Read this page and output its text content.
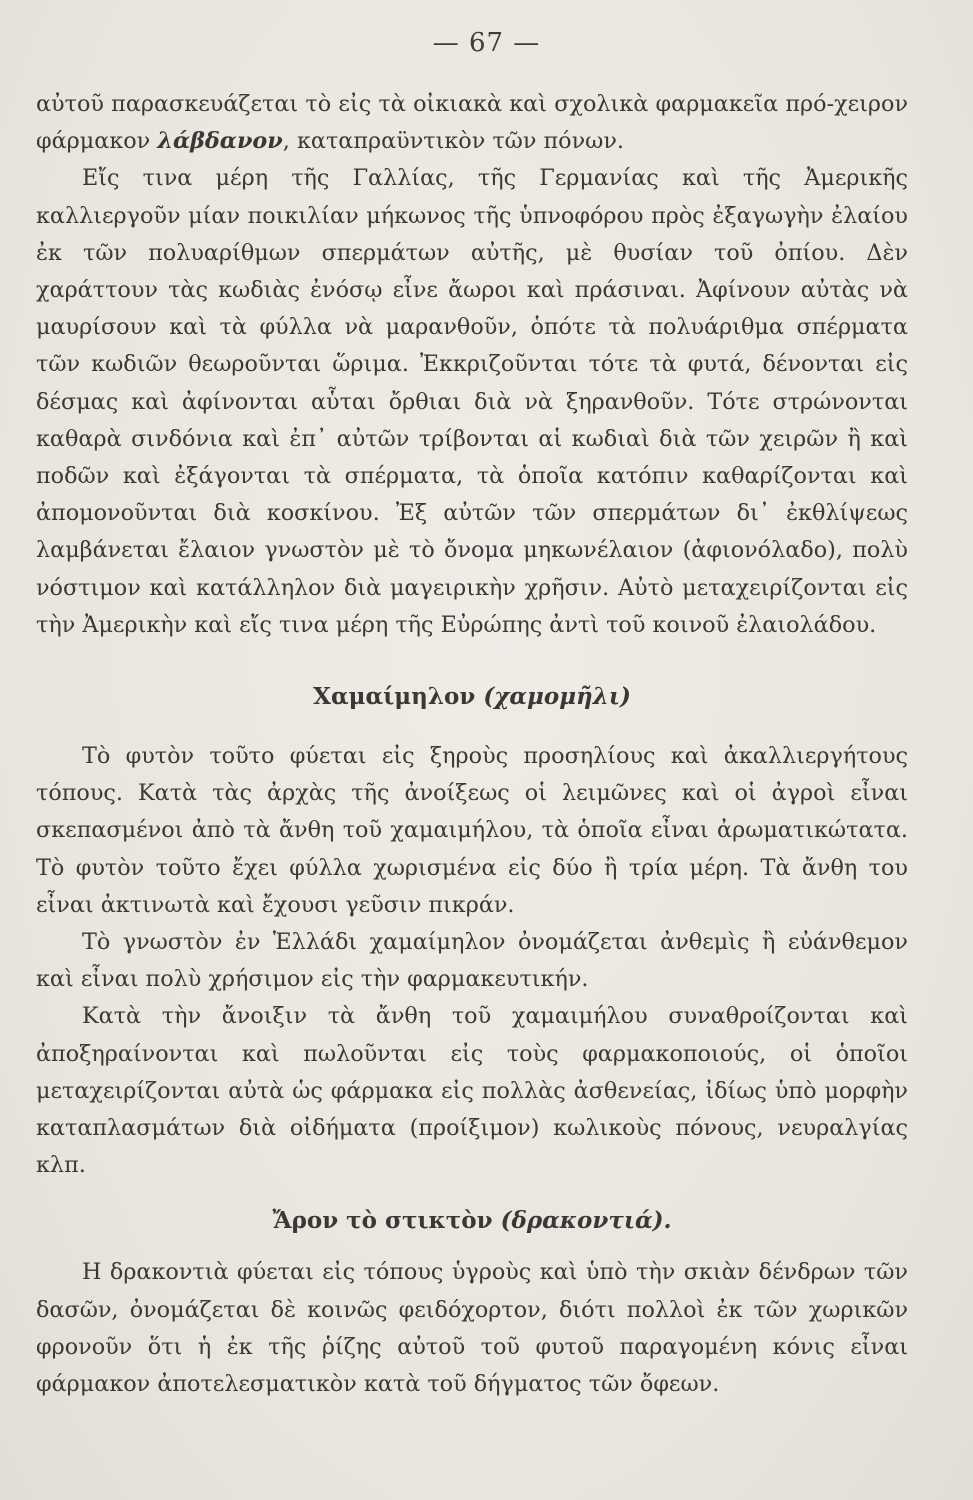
— 67 —

αὐτοῦ παρασκευάζεται τὸ εἰς τὰ οἰκιακὰ καὶ σχολικὰ φαρμακεῖα πρό-χειρον φάρμακον λάβδανον, καταπραϋντικὸν τῶν πόνων.

Εἴς τινα μέρη τῆς Γαλλίας, τῆς Γερμανίας καὶ τῆς Ἀμερικῆς καλλιεργοῦν μίαν ποικιλίαν μήκωνος τῆς ὑπνοφόρου πρὸς ἐξαγωγὴν ἐλαίου ἐκ τῶν πολυαρίθμων σπερμάτων αὐτῆς, μὲ θυσίαν τοῦ ὀπίου. Δὲν χαράττουν τὰς κωδιὰς ἐνόσῳ εἶνε ἄωροι καὶ πράσιναι. Ἀφίνουν αὐτὰς νὰ μαυρίσουν καὶ τὰ φύλλα νὰ μαρανθοῦν, ὁπότε τὰ πολυάριθμα σπέρματα τῶν κωδιῶν θεωροῦνται ὥριμα. Ἐκκριζοῦνται τότε τὰ φυτά, δένονται εἰς δέσμας καὶ ἀφίνονται αὗται ὄρθιαι διὰ νὰ ξηρανθοῦν. Τότε στρώνονται καθαρὰ σινδόνια καὶ ἐπ᾽ αὐτῶν τρίβονται αἱ κωδιαὶ διὰ τῶν χειρῶν ἢ καὶ ποδῶν καὶ ἐξάγονται τὰ σπέρματα, τὰ ὁποῖα κατόπιν καθαρίζονται καὶ ἀπομονοῦνται διὰ κοσκίνου. Ἐξ αὐτῶν τῶν σπερμάτων δι᾽ ἐκθλίψεως λαμβάνεται ἔλαιον γνωστὸν μὲ τὸ ὄνομα μηκωνέλαιον (ἀφιονόλαδο), πολὺ νόστιμον καὶ κατάλληλον διὰ μαγειρικὴν χρῆσιν. Αὐτὸ μεταχειρίζονται εἰς τὴν Ἀμερικὴν καὶ εἴς τινα μέρη τῆς Εὐρώπης ἀντὶ τοῦ κοινοῦ ἐλαιολάδου.

Χαμαίμηλον (χαμομῆλι)

Τὸ φυτὸν τοῦτο φύεται εἰς ξηροὺς προσηλίους καὶ ἀκαλλιεργήτους τόπους. Κατὰ τὰς ἀρχὰς τῆς ἀνοίξεως οἱ λειμῶνες καὶ οἱ ἀγροὶ εἶναι σκεπασμένοι ἀπὸ τὰ ἄνθη τοῦ χαμαιμήλου, τὰ ὁποῖα εἶναι ἀρωματικώτατα. Τὸ φυτὸν τοῦτο ἔχει φύλλα χωρισμένα εἰς δύο ἢ τρία μέρη. Τὰ ἄνθη του εἶναι ἀκτινωτὰ καὶ ἔχουσι γεῦσιν πικράν.

Τὸ γνωστὸν ἐν Ἑλλάδι χαμαίμηλον ὀνομάζεται ἀνθεμὶς ἢ εὐάνθεμον καὶ εἶναι πολὺ χρήσιμον εἰς τὴν φαρμακευτικήν.

Κατὰ τὴν ἄνοιξιν τὰ ἄνθη τοῦ χαμαιμήλου συναθροίζονται καὶ ἀποξηραίνονται καὶ πωλοῦνται εἰς τοὺς φαρμακοποιούς, οἱ ὁποῖοι μεταχειρίζονται αὐτὰ ὡς φάρμακα εἰς πολλὰς ἀσθενείας, ἰδίως ὑπὸ μορφὴν καταπλασμάτων διὰ οἰδήματα (προίξιμον) κωλικοὺς πόνους, νευραλγίας κλπ.

Ἄρον τὸ στικτὸν (δρακοντιά).

Η δρακοντιὰ φύεται εἰς τόπους ὑγροὺς καὶ ὑπὸ τὴν σκιὰν δένδρων τῶν δασῶν, ὀνομάζεται δὲ κοινῶς φειδόχορτον, διότι πολλοὶ ἐκ τῶν χωρικῶν φρονοῦν ὅτι ἡ ἐκ τῆς ῥίζης αὐτοῦ τοῦ φυτοῦ παραγομένη κόνις εἶναι φάρμακον ἀποτελεσματικὸν κατὰ τοῦ δήγματος τῶν ὄφεων.
